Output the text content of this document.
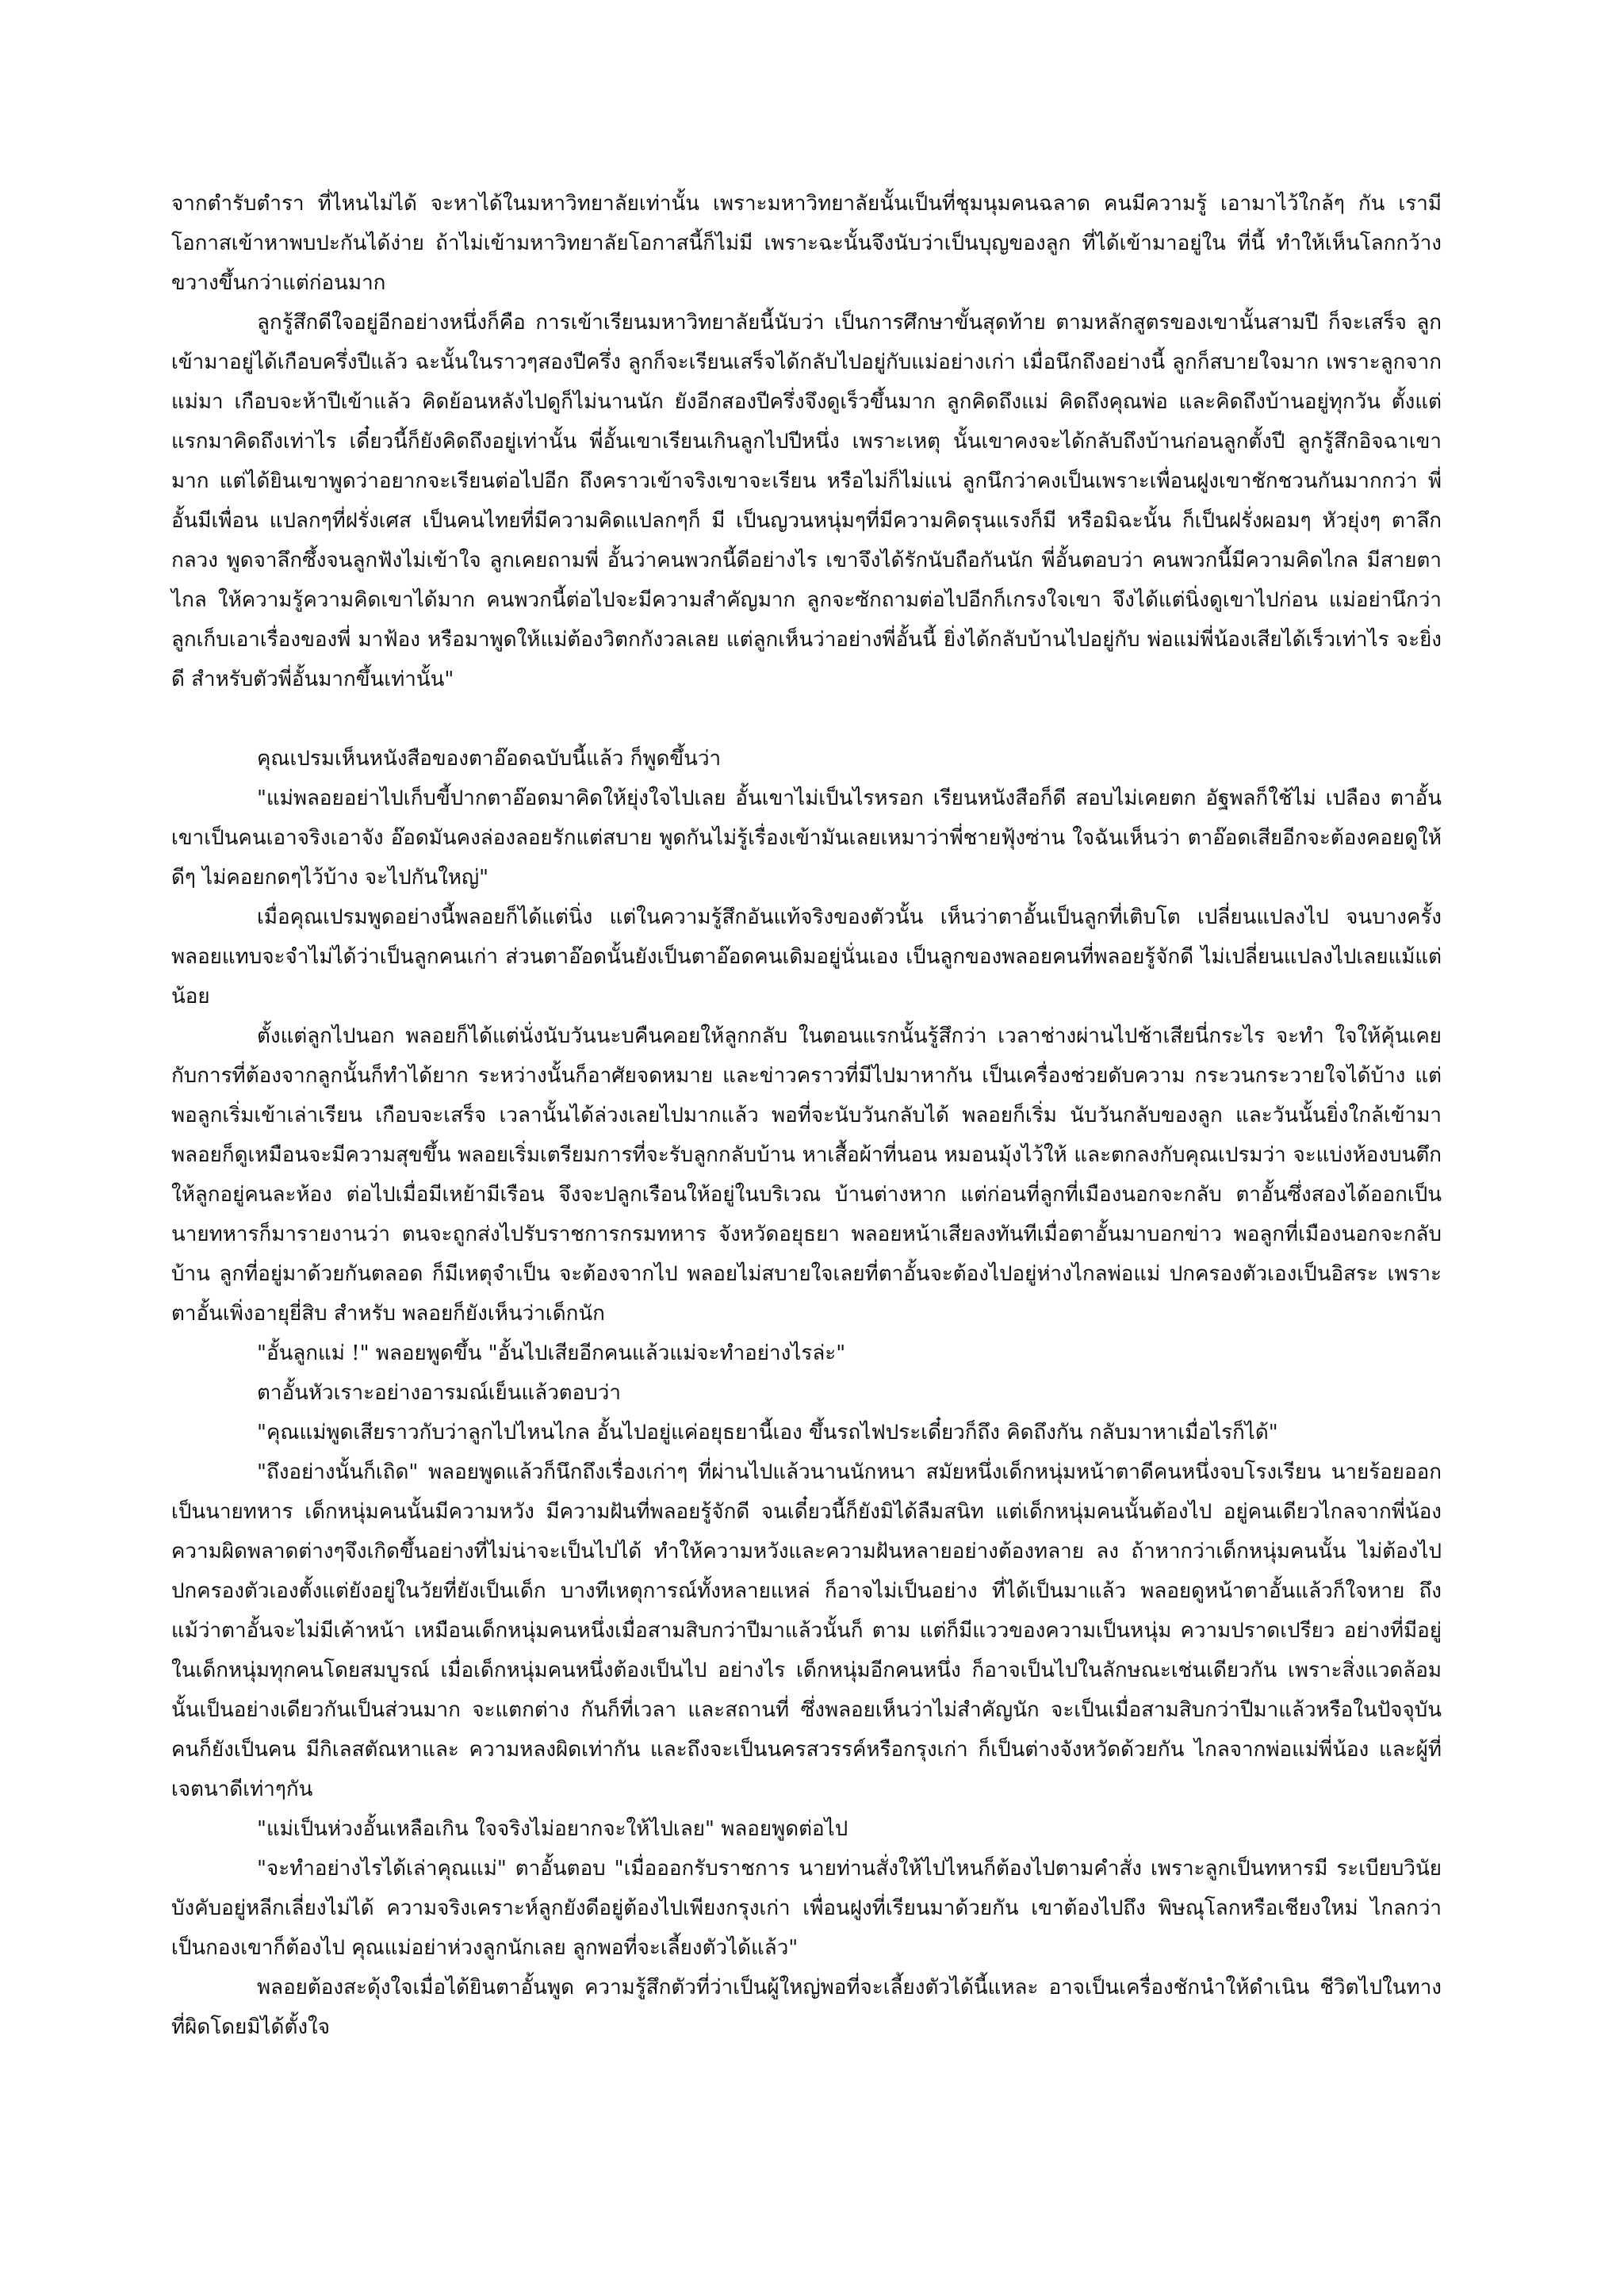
จากตำรับตำรา ที่ไหนไม่ได้ จะหาได้ในมหาวิทยาลัยเท่านั้น เพราะมหาวิทยาลัยนั้นเป็นที่ชุมนุมคนฉลาด คนมีความรู้ เอามาไว้ใกล้ๆ กัน เรามีโอกาสเข้าหาพบปะกันได้ง่าย ถ้าไม่เข้ามหาวิทยาลัยโอกาสนี้ก็ไม่มี เพราะฉะนั้นจึงนับว่าเป็นบุญของลูก ที่ได้เข้ามาอยู่ใน ที่นี้ ทำให้เห็นโลกกว้างขวางขึ้นกว่าแต่ก่อนมาก

ลูกรู้สึกดีใจอยู่อีกอย่างหนึ่งก็คือ การเข้าเรียนมหาวิทยาลัยนี้นับว่า เป็นการศึกษาขั้นสุดท้าย ตามหลักสูตรของเขานั้นสามปี ก็จะเสร็จ ลูกเข้ามาอยู่ได้เกือบครึ่งปีแล้ว ฉะนั้นในราวๆสองปีครึ่ง ลูกก็จะเรียนเสร็จได้กลับไปอยู่กับแม่อย่างเก่า เมื่อนึกถึงอย่างนี้ ลูกก็สบายใจมาก เพราะลูกจากแม่มา เกือบจะห้าปีเข้าแล้ว คิดย้อนหลังไปดูก็ไม่นานนัก ยังอีกสองปีครึ่งจึงดูเร็วขึ้นมาก ลูกคิดถึงแม่ คิดถึงคุณพ่อ และคิดถึงบ้านอยู่ทุกวัน ตั้งแต่แรกมาคิดถึงเท่าไร เดี๋ยวนี้ก็ยังคิดถึงอยู่เท่านั้น พี่อั้นเขาเรียนเกินลูกไปปีหนึ่ง เพราะเหตุ นั้นเขาคงจะได้กลับถึงบ้านก่อนลูกตั้งปี ลูกรู้สึกอิจฉาเขามาก แต่ได้ยินเขาพูดว่าอยากจะเรียนต่อไปอีก ถึงคราวเข้าจริงเขาจะเรียน หรือไม่ก็ไม่แน่ ลูกนึกว่าคงเป็นเพราะเพื่อนฝูงเขาชักชวนกันมากกว่า พี่อั้นมีเพื่อน แปลกๆที่ฝรั่งเศส เป็นคนไทยที่มีความคิดแปลกๆก็ มี เป็นญวนหนุ่มๆที่มีความคิดรุนแรงก็มี หรือมิฉะนั้น ก็เป็นฝรั่งผอมๆ หัวยุ่งๆ ตาลึกกลวง พูดจาลึกซึ้งจนลูกฟังไม่เข้าใจ ลูกเคยถามพี่ อั้นว่าคนพวกนี้ดีอย่างไร เขาจึงได้รักนับถือกันนัก พี่อั้นตอบว่า คนพวกนี้มีความคิดไกล มีสายตาไกล ให้ความรู้ความคิดเขาได้มาก คนพวกนี้ต่อไปจะมีความสำคัญมาก ลูกจะซักถามต่อไปอีกก็เกรงใจเขา จึงได้แต่นิ่งดูเขาไปก่อน แม่อย่านึกว่า ลูกเก็บเอาเรื่องของพี่ มาฟ้อง หรือมาพูดให้แม่ต้องวิตกกังวลเลย แต่ลูกเห็นว่าอย่างพี่อั้นนี้ ยิ่งได้กลับบ้านไปอยู่กับ พ่อแม่พี่น้องเสียได้เร็วเท่าไร จะยิ่งดี สำหรับตัวพี่อั้นมากขึ้นเท่านั้น"

คุณเปรมเห็นหนังสือของตาอ๊อดฉบับนี้แล้ว ก็พูดขึ้นว่า

"แม่พลอยอย่าไปเก็บขี้ปากตาอ๊อดมาคิดให้ยุ่งใจไปเลย อั้นเขาไม่เป็นไรหรอก เรียนหนังสือก็ดี สอบไม่เคยตก อัฐพลก็ใช้ไม่ เปลือง ตาอั้นเขาเป็นคนเอาจริงเอาจัง อ๊อดมันคงล่องลอยรักแต่สบาย พูดกันไม่รู้เรื่องเข้ามันเลยเหมาว่าพี่ชายฟุ้งซ่าน ใจฉันเห็นว่า ตาอ๊อดเสียอีกจะต้องคอยดูให้ดีๆ ไม่คอยกดๆไว้บ้าง จะไปกันใหญ่"

เมื่อคุณเปรมพูดอย่างนี้พลอยก็ได้แต่นิ่ง แต่ในความรู้สึกอันแท้จริงของตัวนั้น เห็นว่าตาอั้นเป็นลูกที่เติบโต เปลี่ยนแปลงไป จนบางครั้งพลอยแทบจะจำไม่ได้ว่าเป็นลูกคนเก่า ส่วนตาอ๊อดนั้นยังเป็นตาอ๊อดคนเดิมอยู่นั่นเอง เป็นลูกของพลอยคนที่พลอยรู้จักดี ไม่เปลี่ยนแปลงไปเลยแม้แต่น้อย

ตั้งแต่ลูกไปนอก พลอยก็ได้แต่นั่งนับวันนะบคืนคอยให้ลูกกลับ ในตอนแรกนั้นรู้สึกว่า เวลาช่างผ่านไปช้าเสียนี่กระไร จะทำ ใจให้คุ้นเคยกับการที่ต้องจากลูกนั้นก็ทำได้ยาก ระหว่างนั้นก็อาศัยจดหมาย และข่าวคราวที่มีไปมาหากัน เป็นเครื่องช่วยดับความ กระวนกระวายใจได้บ้าง แต่พอลูกเริ่มเข้าเล่าเรียน เกือบจะเสร็จ เวลานั้นได้ล่วงเลยไปมากแล้ว พอที่จะนับวันกลับได้ พลอยก็เริ่ม นับวันกลับของลูก และวันนั้นยิ่งใกล้เข้ามา พลอยก็ดูเหมือนจะมีความสุขขึ้น พลอยเริ่มเตรียมการที่จะรับลูกกลับบ้าน หาเสื้อผ้าที่นอน หมอนมุ้งไว้ให้ และตกลงกับคุณเปรมว่า จะแบ่งห้องบนตึกให้ลูกอยู่คนละห้อง ต่อไปเมื่อมีเหย้ามีเรือน จึงจะปลูกเรือนให้อยู่ในบริเวณ บ้านต่างหาก แต่ก่อนที่ลูกที่เมืองนอกจะกลับ ตาอั้นซึ่งสองได้ออกเป็นนายทหารก็มารายงานว่า ตนจะถูกส่งไปรับราชการกรมทหาร จังหวัดอยุธยา พลอยหน้าเสียลงทันทีเมื่อตาอั้นมาบอกข่าว พอลูกที่เมืองนอกจะกลับบ้าน ลูกที่อยู่มาด้วยกันตลอด ก็มีเหตุจำเป็น จะต้องจากไป พลอยไม่สบายใจเลยที่ตาอั้นจะต้องไปอยู่ห่างไกลพ่อแม่ ปกครองตัวเองเป็นอิสระ เพราะตาอั้นเพิ่งอายุยี่สิบ สำหรับ พลอยก็ยังเห็นว่าเด็กนัก

"อั้นลูกแม่ !" พลอยพูดขึ้น "อั้นไปเสียอีกคนแล้วแม่จะทำอย่างไรล่ะ"

ตาอั้นหัวเราะอย่างอารมณ์เย็นแล้วตอบว่า

"คุณแม่พูดเสียราวกับว่าลูกไปไหนไกล อั้นไปอยู่แค่อยุธยานี้เอง ขึ้นรถไฟประเดี๋ยวก็ถึง คิดถึงกัน กลับมาหาเมื่อไรก็ได้"

"ถึงอย่างนั้นก็เถิด" พลอยพูดแล้วก็นึกถึงเรื่องเก่าๆ ที่ผ่านไปแล้วนานนักหนา สมัยหนึ่งเด็กหนุ่มหน้าตาดีคนหนึ่งจบโรงเรียน นายร้อยออกเป็นนายทหาร เด็กหนุ่มคนนั้นมีความหวัง มีความฝันที่พลอยรู้จักดี จนเดี๋ยวนี้ก็ยังมิได้ลืมสนิท แต่เด็กหนุ่มคนนั้นต้องไป อยู่คนเดียวไกลจากพี่น้อง ความผิดพลาดต่างๆจึงเกิดขึ้นอย่างที่ไม่น่าจะเป็นไปได้ ทำให้ความหวังและความฝันหลายอย่างต้องทลาย ลง ถ้าหากว่าเด็กหนุ่มคนนั้น ไม่ต้องไปปกครองตัวเองตั้งแต่ยังอยู่ในวัยที่ยังเป็นเด็ก บางทีเหตุการณ์ทั้งหลายแหล่ ก็อาจไม่เป็นอย่าง ที่ได้เป็นมาแล้ว พลอยดูหน้าตาอั้นแล้วก็ใจหาย ถึงแม้ว่าตาอั้นจะไม่มีเค้าหน้า เหมือนเด็กหนุ่มคนหนึ่งเมื่อสามสิบกว่าปีมาแล้วนั้นก็ ตาม แต่ก็มีแววของความเป็นหนุ่ม ความปราดเปรียว อย่างที่มีอยู่ในเด็กหนุ่มทุกคนโดยสมบูรณ์ เมื่อเด็กหนุ่มคนหนึ่งต้องเป็นไป อย่างไร เด็กหนุ่มอีกคนหนึ่ง ก็อาจเป็นไปในลักษณะเช่นเดียวกัน เพราะสิ่งแวดล้อมนั้นเป็นอย่างเดียวกันเป็นส่วนมาก จะแตกต่าง กันก็ที่เวลา และสถานที่ ซึ่งพลอยเห็นว่าไม่สำคัญนัก จะเป็นเมื่อสามสิบกว่าปีมาแล้วหรือในปัจจุบัน คนก็ยังเป็นคน มีกิเลสตัณหาและ ความหลงผิดเท่ากัน และถึงจะเป็นนครสวรรค์หรือกรุงเก่า ก็เป็นต่างจังหวัดด้วยกัน ไกลจากพ่อแม่พี่น้อง และผู้ที่เจตนาดีเท่าๆกัน

"แม่เป็นห่วงอั้นเหลือเกิน ใจจริงไม่อยากจะให้ไปเลย" พลอยพูดต่อไป

"จะทำอย่างไรได้เล่าคุณแม่" ตาอั้นตอบ "เมื่อออกรับราชการ นายท่านสั่งให้ไปไหนก็ต้องไปตามคำสั่ง เพราะลูกเป็นทหารมี ระเบียบวินัยบังคับอยู่หลีกเลี่ยงไม่ได้ ความจริงเคราะห์ลูกยังดีอยู่ต้องไปเพียงกรุงเก่า เพื่อนฝูงที่เรียนมาด้วยกัน เขาต้องไปถึง พิษณุโลกหรือเชียงใหม่ ไกลกว่าเป็นกองเขาก็ต้องไป คุณแม่อย่าห่วงลูกนักเลย ลูกพอที่จะเลี้ยงตัวได้แล้ว"

พลอยต้องสะดุ้งใจเมื่อได้ยินตาอั้นพูด ความรู้สึกตัวที่ว่าเป็นผู้ใหญ่พอที่จะเลี้ยงตัวได้นี้แหละ อาจเป็นเครื่องชักนำให้ดำเนิน ชีวิตไปในทางที่ผิดโดยมิได้ตั้งใจ
